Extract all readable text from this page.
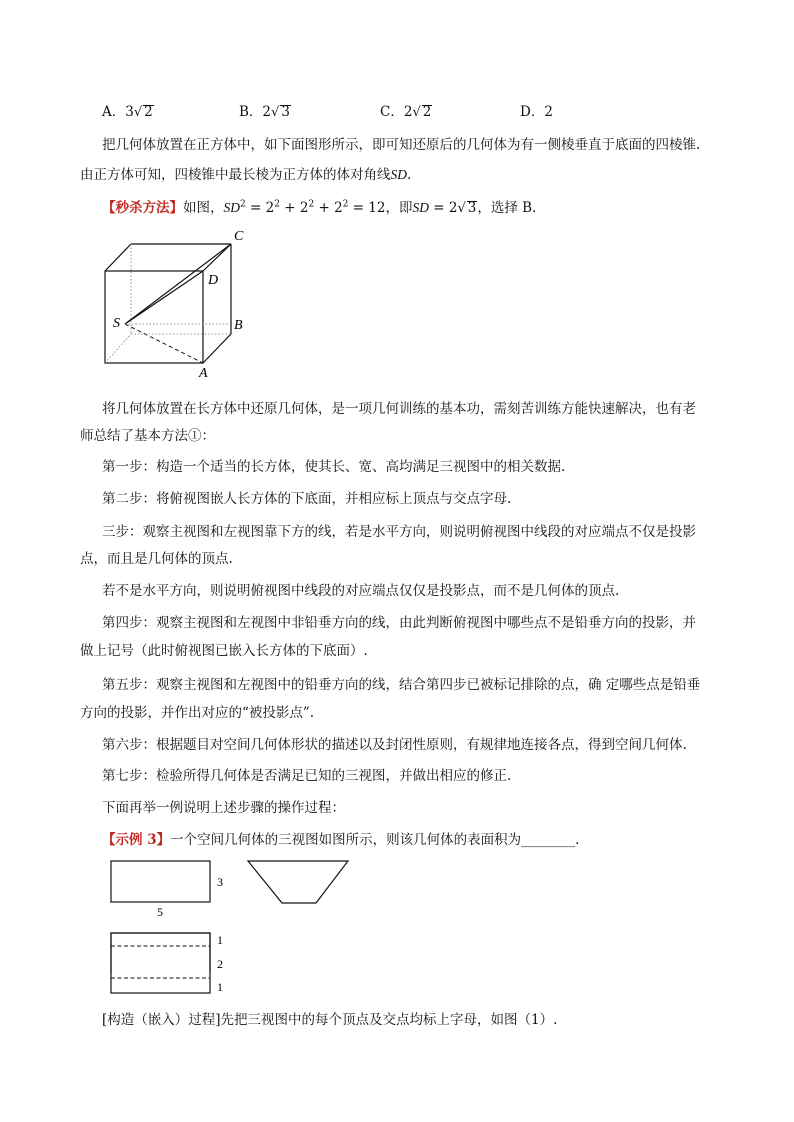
A．3√ 2	B．2√ 3	C．2√ 2	D．2
把几何体放置在正方体中，如下面图形所示，即可知还原后的几何体为有一侧棱垂直于底面的四棱锥.
由正方体可知，四棱锥中最长棱为正方体的体对角线SD.
【秒杀方法】如图，$SD^2 = 2^2 + 2^2 + 2^2 = 12$，即SD = 2√ 3，选择 B.
C
D
S	B
A
将几何体放置在长方体中还原几何体，是一项几何训练的基本功，需刻苦训练方能快速解决，也有老
师总结了基本方法①：
第一步：构造一个适当的长方体，使其长、宽、高均满足三视图中的相关数据.
第二步：将俯视图嵌人长方体的下底面，并相应标上顶点与交点字母.
三步：观察主视图和左视图靠下方的线，若是水平方向，则说明俯视图中线段的对应端点不仅是投影
点，而且是几何体的顶点.
若不是水平方向，则说明俯视图中线段的对应端点仅仅是投影点，而不是几何体的顶点.
第四步：观察主视图和左视图中非铅垂方向的线，由此判断俯视图中哪些点不是铅垂方向的投影，并
做上记号（此时俯视图已嵌入长方体的下底面）.
第五步：观察主视图和左视图中的铅垂方向的线，结合第四步已被标记排除的点，确 定哪些点是铅垂
方向的投影，并作出对应的“被投影点”.
第六步：根据题目对空间几何体形状的描述以及封闭性原则，有规律地连接各点，得到空间几何体.
第七步：检验所得几何体是否满足已知的三视图，并做出相应的修正.
下面再举一例说明上述步骤的操作过程：
【示例 3】一个空间几何体的三视图如图所示，则该几何体的表面积为________.
3
5
1
2
1
[构造（嵌入）过程]先把三视图中的每个顶点及交点均标上字母，如图（1）.
